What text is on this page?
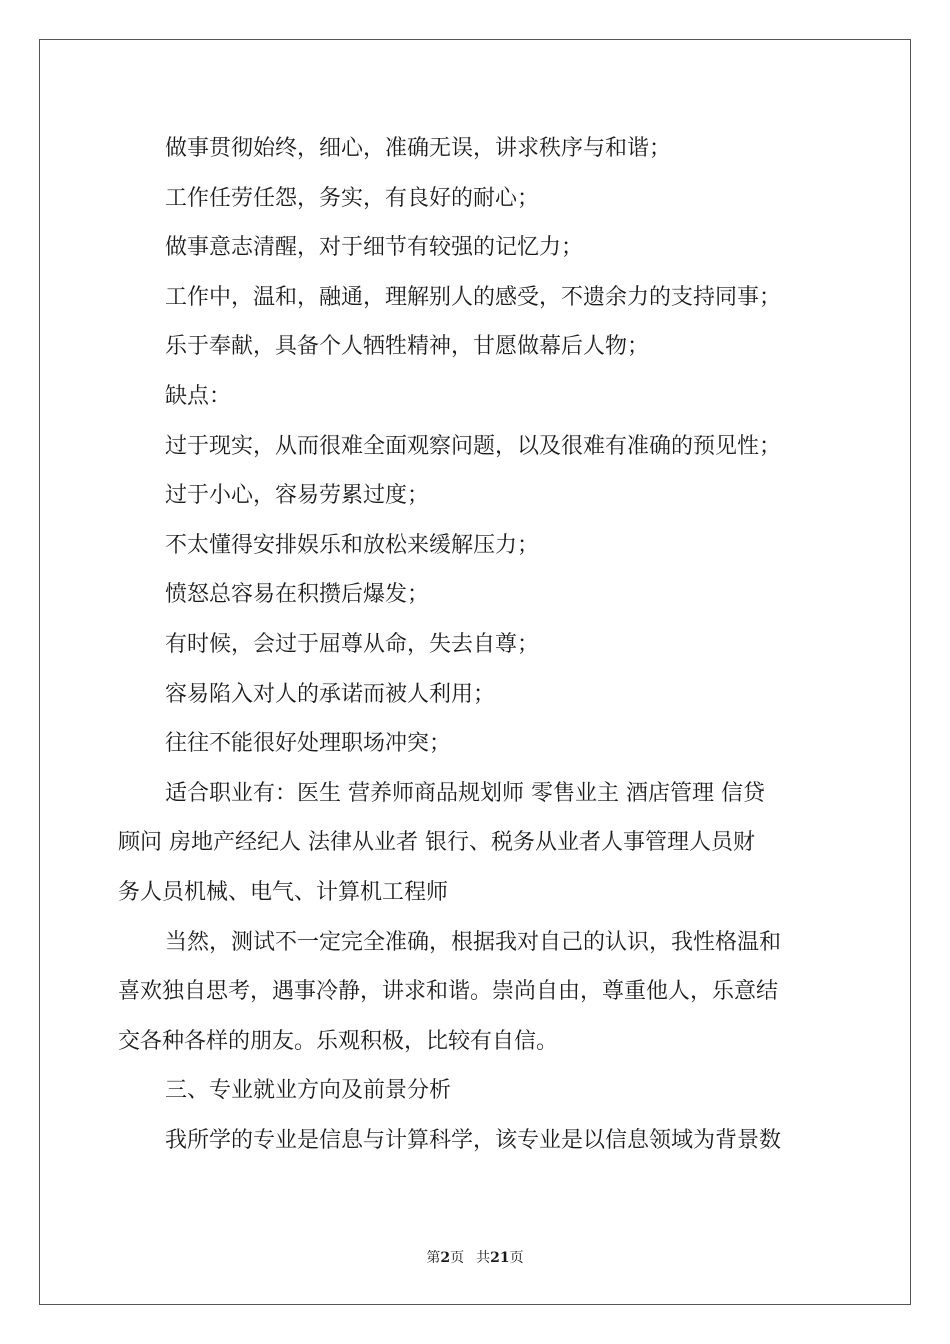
做事贯彻始终，细心，准确无误，讲求秩序与和谐；
工作任劳任怨，务实，有良好的耐心；
做事意志清醒，对于细节有较强的记忆力；
工作中，温和，融通，理解别人的感受，不遗余力的支持同事；
乐于奉献，具备个人牺牲精神，甘愿做幕后人物；
缺点：
过于现实，从而很难全面观察问题，以及很难有准确的预见性；
过于小心，容易劳累过度；
不太懂得安排娱乐和放松来缓解压力；
愤怒总容易在积攒后爆发；
有时候，会过于屈尊从命，失去自尊；
容易陷入对人的承诺而被人利用；
往往不能很好处理职场冲突；
适合职业有：医生 营养师商品规划师 零售业主 酒店管理 信贷
顾问 房地产经纪人 法律从业者 银行、税务从业者人事管理人员财
务人员机械、电气、计算机工程师
当然，测试不一定完全准确，根据我对自己的认识，我性格温和
喜欢独自思考，遇事冷静，讲求和谐。崇尚自由，尊重他人，乐意结
交各种各样的朋友。乐观积极，比较有自信。
三、专业就业方向及前景分析
我所学的专业是信息与计算科学，该专业是以信息领域为背景数
第2页 共21页
